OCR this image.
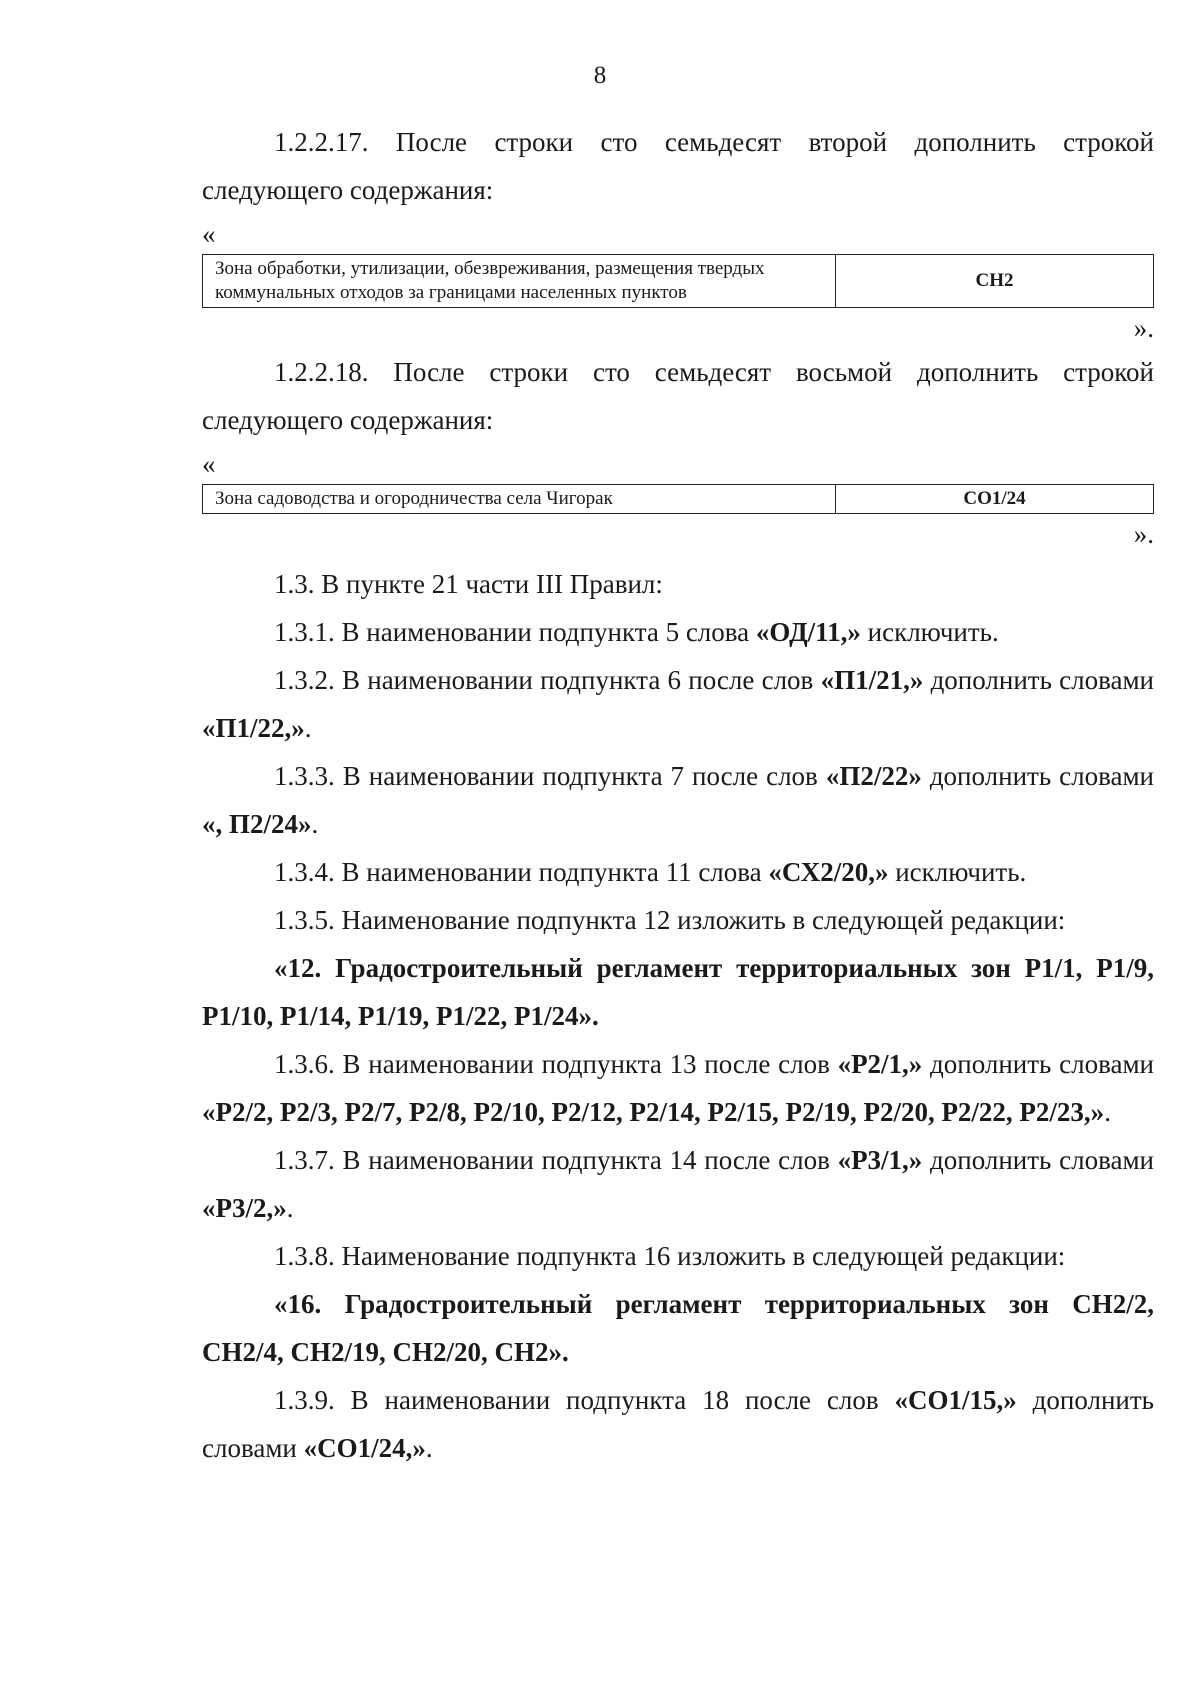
8

1.2.2.17. После строки сто семьдесят второй дополнить строкой следующего содержания:

«

Зона обработки, утилизации, обезвреживания, размещения твердых коммунальных отходов за границами населенных пунктов	СН2

».

1.2.2.18. После строки сто семьдесят восьмой дополнить строкой следующего содержания:

«

Зона садоводства и огородничества села Чигорак	СО1/24

».

1.3. В пункте 21 части III Правил:

1.3.1. В наименовании подпункта 5 слова «ОД/11,» исключить.

1.3.2. В наименовании подпункта 6 после слов «П1/21,» дополнить словами «П1/22,».

1.3.3. В наименовании подпункта 7 после слов «П2/22» дополнить словами «, П2/24».

1.3.4. В наименовании подпункта 11 слова «СХ2/20,» исключить.

1.3.5. Наименование подпункта 12 изложить в следующей редакции:

«12. Градостроительный регламент территориальных зон Р1/1, Р1/9, Р1/10, Р1/14, Р1/19, Р1/22, Р1/24».

1.3.6. В наименовании подпункта 13 после слов «Р2/1,» дополнить словами «Р2/2, Р2/3, Р2/7, Р2/8, Р2/10, Р2/12, Р2/14, Р2/15, Р2/19, Р2/20, Р2/22, Р2/23,».

1.3.7. В наименовании подпункта 14 после слов «Р3/1,» дополнить словами «Р3/2,».

1.3.8. Наименование подпункта 16 изложить в следующей редакции:

«16. Градостроительный регламент территориальных зон СН2/2, СН2/4, СН2/19, СН2/20, СН2».

1.3.9. В наименовании подпункта 18 после слов «СО1/15,» дополнить словами «СО1/24,».
